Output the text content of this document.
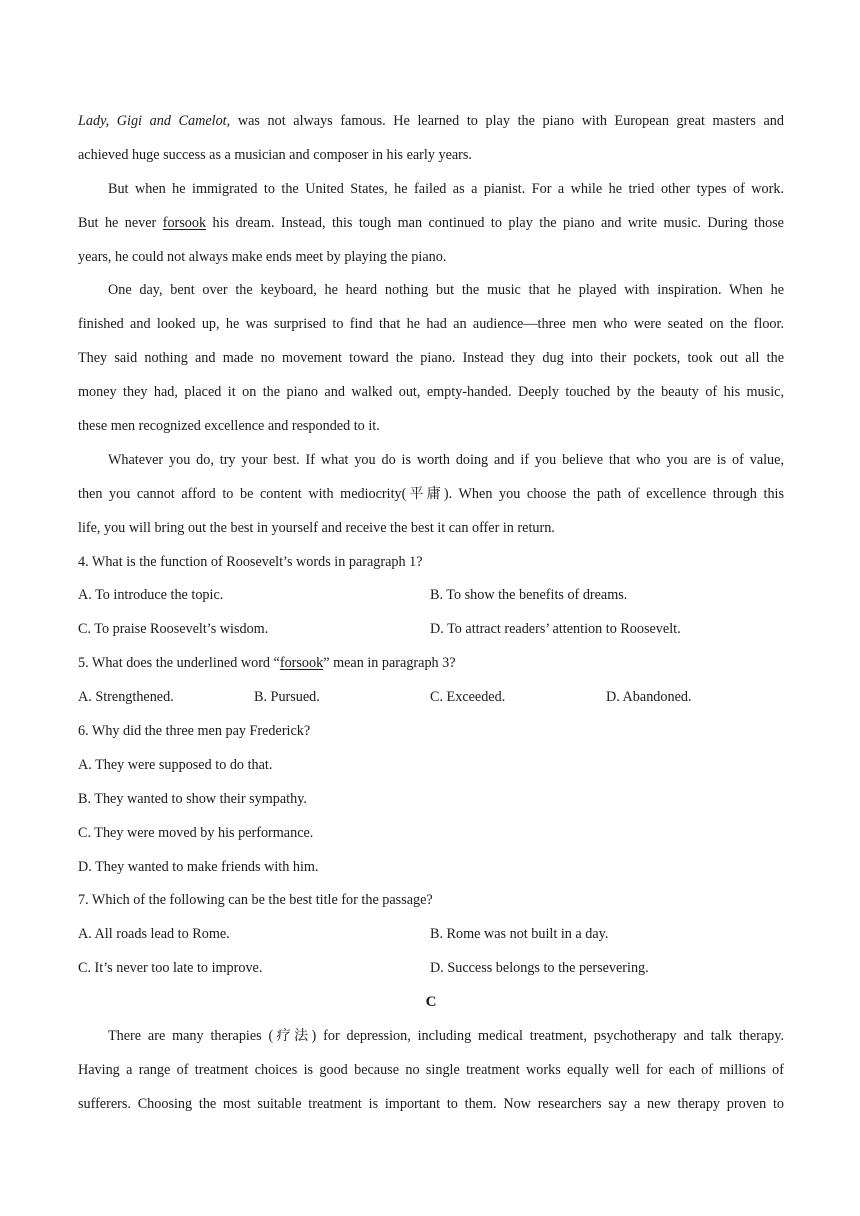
Lady, Gigi and Camelot, was not always famous. He learned to play the piano with European great masters and
achieved huge success as a musician and composer in his early years.
But when he immigrated to the United States, he failed as a pianist. For a while he tried other types of work.
But he never forsook his dream. Instead, this tough man continued to play the piano and write music. During those
years, he could not always make ends meet by playing the piano.
One day, bent over the keyboard, he heard nothing but the music that he played with inspiration. When he
finished and looked up, he was surprised to find that he had an audience—three men who were seated on the floor.
They said nothing and made no movement toward the piano. Instead they dug into their pockets, took out all the
money they had, placed it on the piano and walked out, empty-handed. Deeply touched by the beauty of his music,
these men recognized excellence and responded to it.
Whatever you do, try your best. If what you do is worth doing and if you believe that who you are is of value,
then you cannot afford to be content with mediocrity(平庸). When you choose the path of excellence through this
life, you will bring out the best in yourself and receive the best it can offer in return.
4. What is the function of Roosevelt’s words in paragraph 1?
A. To introduce the topic.	B. To show the benefits of dreams.
C. To praise Roosevelt’s wisdom.	D. To attract readers’ attention to Roosevelt.
5. What does the underlined word “forsook” mean in paragraph 3?
A. Strengthened.	B. Pursued.	C. Exceeded.	D. Abandoned.
6. Why did the three men pay Frederick?
A. They were supposed to do that.
B. They wanted to show their sympathy.
C. They were moved by his performance.
D. They wanted to make friends with him.
7. Which of the following can be the best title for the passage?
A. All roads lead to Rome.	B. Rome was not built in a day.
C. It’s never too late to improve.	D. Success belongs to the persevering.
C
There are many therapies (疗法) for depression, including medical treatment, psychotherapy and talk therapy.
Having a range of treatment choices is good because no single treatment works equally well for each of millions of
sufferers. Choosing the most suitable treatment is important to them. Now researchers say a new therapy proven to
